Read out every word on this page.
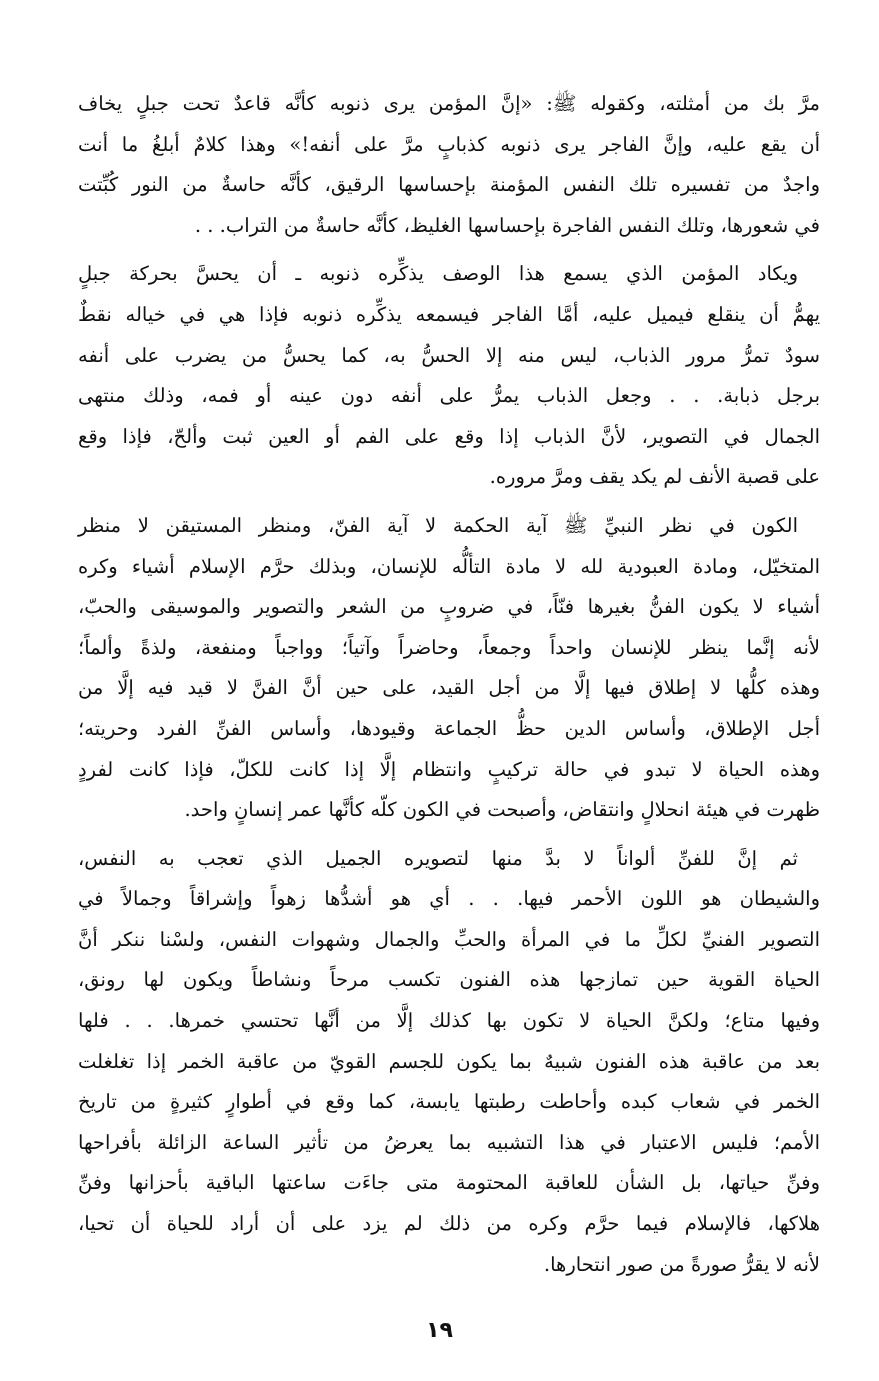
مرَّ بك من أمثلته، وكقوله ﷺ: «إنَّ المؤمن يرى ذنوبه كأنَّه قاعدٌ تحت جبلٍ يخاف
أن يقع عليه، وإنَّ الفاجر يرى ذنوبه كذبابٍ مرَّ على أنفه!» وهذا كلامٌ أبلغُ ما أنت
واجدٌ من تفسيره تلك النفس المؤمنة بإحساسها الرقيق، كأنَّه حاسةٌ من النور كُبِّتت
في شعورها، وتلك النفس الفاجرة بإحساسها الغليظ، كأنَّه حاسةٌ من التراب. . .
ويكاد المؤمن الذي يسمع هذا الوصف يذكِّره ذنوبه ـ أن يحسَّ بحركة جبلٍ
يهمُّ أن ينقلع فيميل عليه، أمَّا الفاجر فيسمعه يذكِّره ذنوبه فإذا هي في خياله نقطٌ
سودٌ تمرُّ مرور الذباب، ليس منه إلا الحسُّ به، كما يحسُّ من يضرب على أنفه
برجل ذبابة. . . وجعل الذباب يمرُّ على أنفه دون عينه أو فمه، وذلك منتهى
الجمال في التصوير، لأنَّ الذباب إذا وقع على الفم أو العين ثبت وألحّ، فإذا وقع
على قصبة الأنف لم يكد يقف ومرَّ مروره.
الكون في نظر النبيِّ ﷺ آية الحكمة لا آية الفنّ، ومنظر المستيقن لا منظر
المتخيّل، ومادة العبودية لله لا مادة التألُّه للإنسان، وبذلك حرَّم الإسلام أشياء وكره
أشياء لا يكون الفنُّ بغيرها فنّاً، في ضروبٍ من الشعر والتصوير والموسيقى والحبّ،
لأنه إنَّما ينظر للإنسان واحداً وجمعاً، وحاضراً وآتياً؛ وواجباً ومنفعة، ولذةً وألماً؛
وهذه كلُّها لا إطلاق فيها إلَّا من أجل القيد، على حين أنَّ الفنَّ لا قيد فيه إلَّا من
أجل الإطلاق، وأساس الدين حظُّ الجماعة وقيودها، وأساس الفنِّ الفرد وحريته؛
وهذه الحياة لا تبدو في حالة تركيبٍ وانتظام إلَّا إذا كانت للكلّ، فإذا كانت لفردٍ
ظهرت في هيئة انحلالٍ وانتقاض، وأصبحت في الكون كلّه كأنَّها عمر إنسانٍ واحد.
ثم إنَّ للفنِّ ألواناً لا بدَّ منها لتصويره الجميل الذي تعجب به النفس،
والشيطان هو اللون الأحمر فيها. . . أي هو أشدُّها زهواً وإشراقاً وجمالاً في
التصوير الفنيِّ لكلِّ ما في المرأة والحبِّ والجمال وشهوات النفس، ولسْنا ننكر أنَّ
الحياة القوية حين تمازجها هذه الفنون تكسب مرحاً ونشاطاً ويكون لها رونق،
وفيها متاع؛ ولكنَّ الحياة لا تكون بها كذلك إلَّا من أنَّها تحتسي خمرها. . . فلها
بعد من عاقبة هذه الفنون شبيهٌ بما يكون للجسم القويّ من عاقبة الخمر إذا تغلغلت
الخمر في شعاب كبده وأحاطت رطبتها يابسة، كما وقع في أطوارٍ كثيرةٍ من تاريخ
الأمم؛ فليس الاعتبار في هذا التشبيه بما يعرضُ من تأثير الساعة الزائلة بأفراحها
وفنِّ حياتها، بل الشأن للعاقبة المحتومة متى جاءَت ساعتها الباقية بأحزانها وفنِّ
هلاكها، فالإسلام فيما حرَّم وكره من ذلك لم يزد على أن أراد للحياة أن تحيا،
لأنه لا يقرُّ صورةً من صور انتحارها.
١٩
